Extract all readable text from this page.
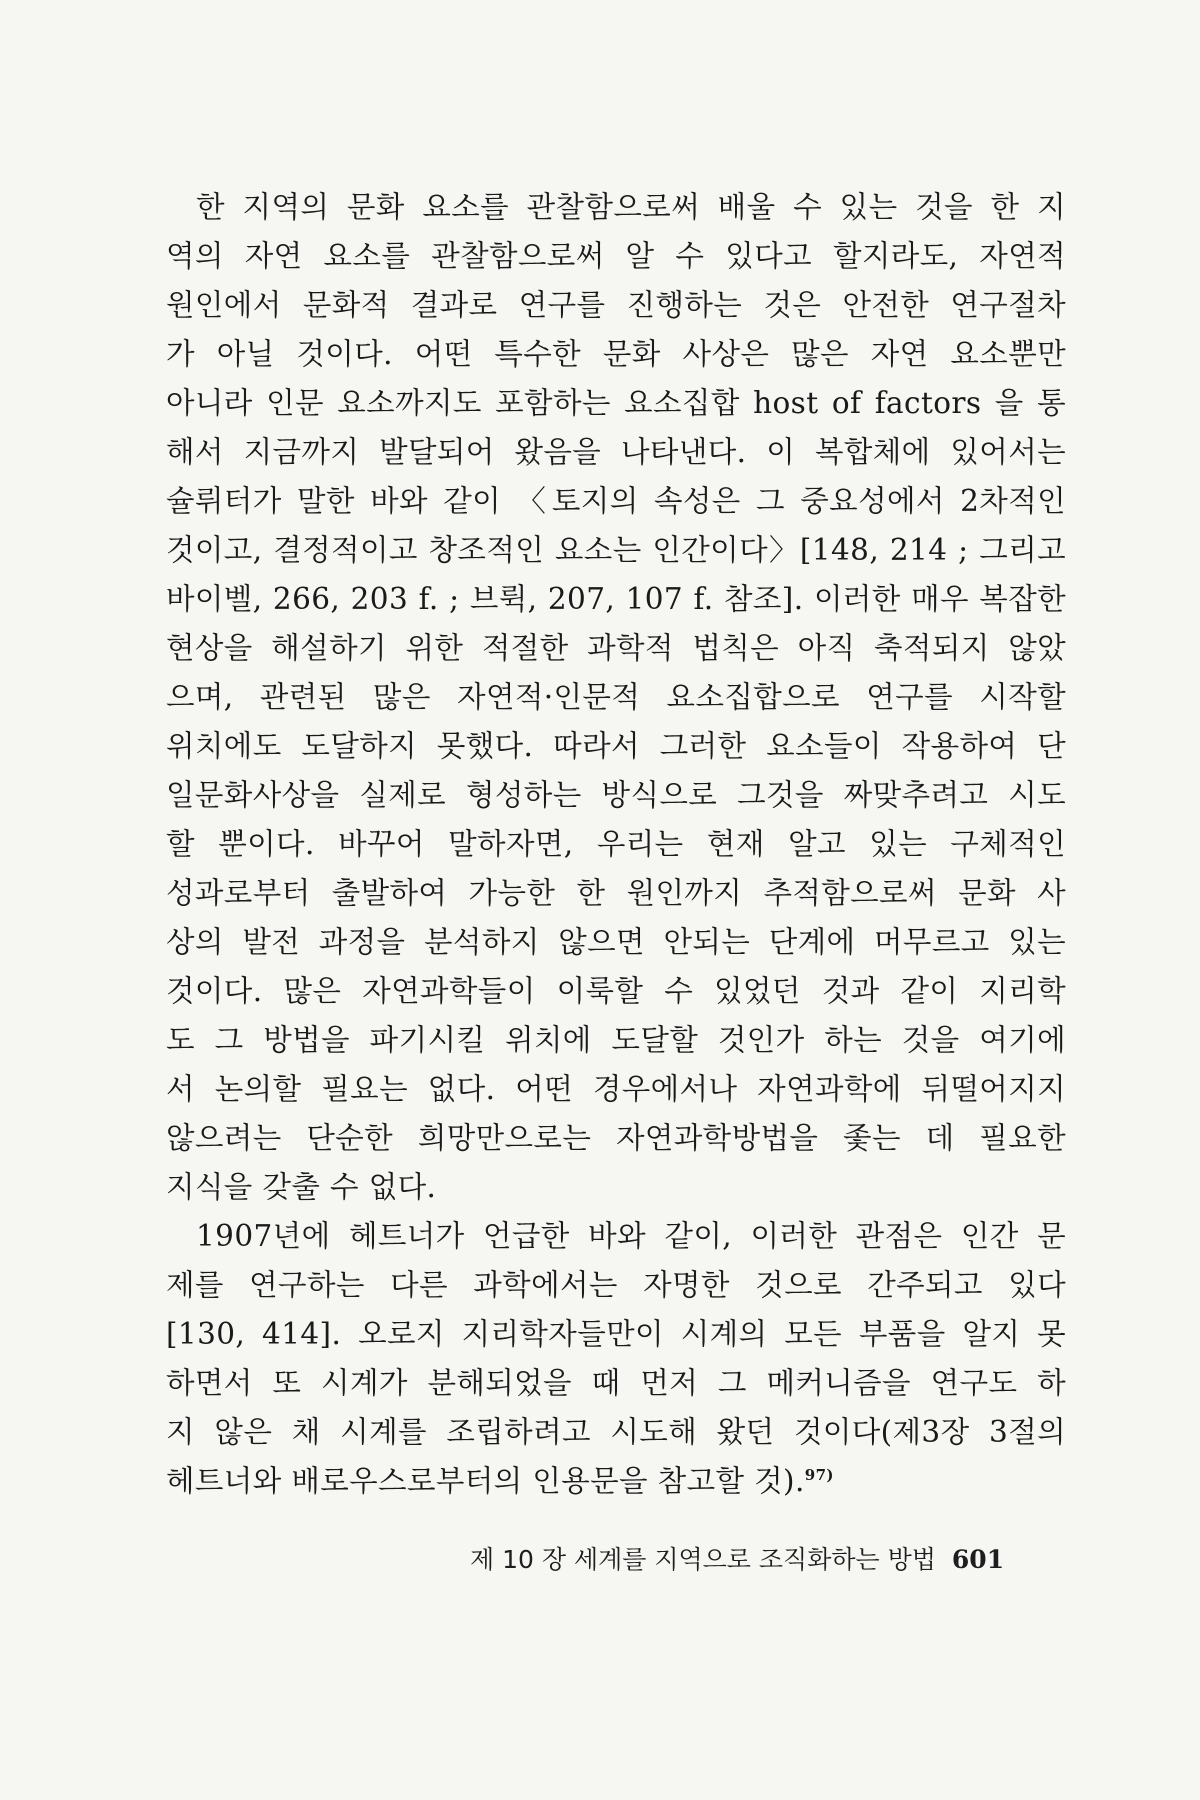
한 지역의 문화 요소를 관찰함으로써 배울 수 있는 것을 한 지
역의 자연 요소를 관찰함으로써 알 수 있다고 할지라도, 자연적
원인에서 문화적 결과로 연구를 진행하는 것은 안전한 연구절차
가 아닐 것이다. 어떤 특수한 문화 사상은 많은 자연 요소뿐만
아니라 인문 요소까지도 포함하는 요소집합 host of factors 을 통
해서 지금까지 발달되어 왔음을 나타낸다. 이 복합체에 있어서는
슐뤼터가 말한 바와 같이 〈토지의 속성은 그 중요성에서 2차적인
것이고, 결정적이고 창조적인 요소는 인간이다〉[148, 214 ; 그리고
바이벨, 266, 203 f. ; 브뤽, 207, 107 f. 참조]. 이러한 매우 복잡한
현상을 해설하기 위한 적절한 과학적 법칙은 아직 축적되지 않았
으며, 관련된 많은 자연적·인문적 요소집합으로 연구를 시작할
위치에도 도달하지 못했다. 따라서 그러한 요소들이 작용하여 단
일문화사상을 실제로 형성하는 방식으로 그것을 짜맞추려고 시도
할 뿐이다. 바꾸어 말하자면, 우리는 현재 알고 있는 구체적인
성과로부터 출발하여 가능한 한 원인까지 추적함으로써 문화 사
상의 발전 과정을 분석하지 않으면 안되는 단계에 머무르고 있는
것이다. 많은 자연과학들이 이룩할 수 있었던 것과 같이 지리학
도 그 방법을 파기시킬 위치에 도달할 것인가 하는 것을 여기에
서 논의할 필요는 없다. 어떤 경우에서나 자연과학에 뒤떨어지지
않으려는 단순한 희망만으로는 자연과학방법을 좇는 데 필요한
지식을 갖출 수 없다.

1907년에 헤트너가 언급한 바와 같이, 이러한 관점은 인간 문
제를 연구하는 다른 과학에서는 자명한 것으로 간주되고 있다
[130, 414]. 오로지 지리학자들만이 시계의 모든 부품을 알지 못
하면서 또 시계가 분해되었을 때 먼저 그 메커니즘을 연구도 하
지 않은 채 시계를 조립하려고 시도해 왔던 것이다(제3장 3절의
헤트너와 배로우스로부터의 인용문을 참고할 것).$^{97)}$

제 10 장 세계를 지역으로 조직화하는 방법 601
